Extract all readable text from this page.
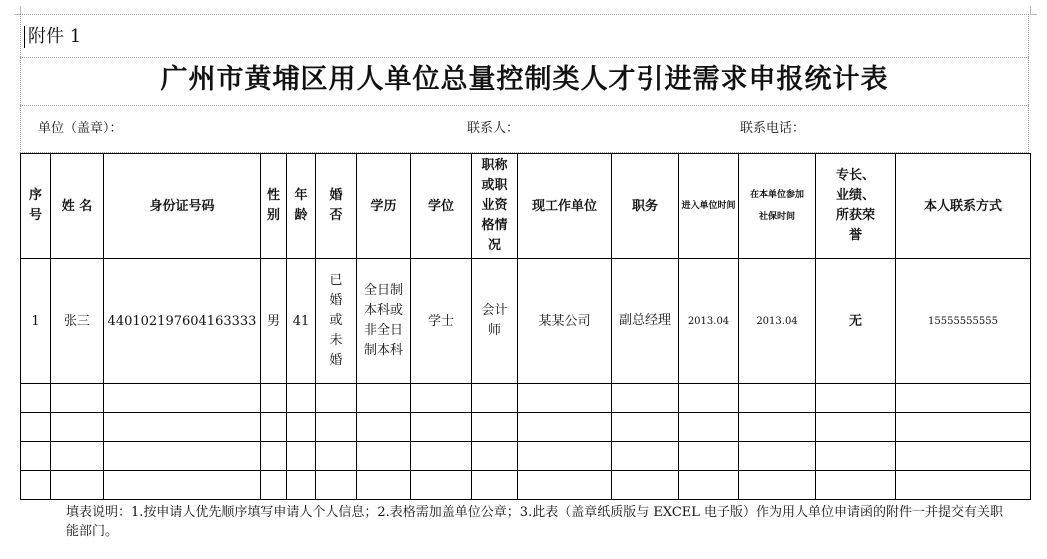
附件 1
广州市黄埔区用人单位总量控制类人才引进需求申报统计表
单位（盖章）：	联系人：	联系电话：
序号	姓 名	身份证号码	性别	年龄	婚否	学历	学位	职称或职业资格情况	现工作单位	职务	进入单位时间	在本单位参加社保时间	专长、业绩、所获荣誉	本人联系方式
1	张三	440102197604163333	男	41	已婚或未婚	全日制本科或非全日制本科	学士	会计师	某某公司	副总经理	2013.04	2013.04	无	15555555555

填表说明：1.按申请人优先顺序填写申请人个人信息；2.表格需加盖单位公章；3.此表（盖章纸质版与 EXCEL 电子版）作为用人单位申请函的附件一并提交有关职能部门。
